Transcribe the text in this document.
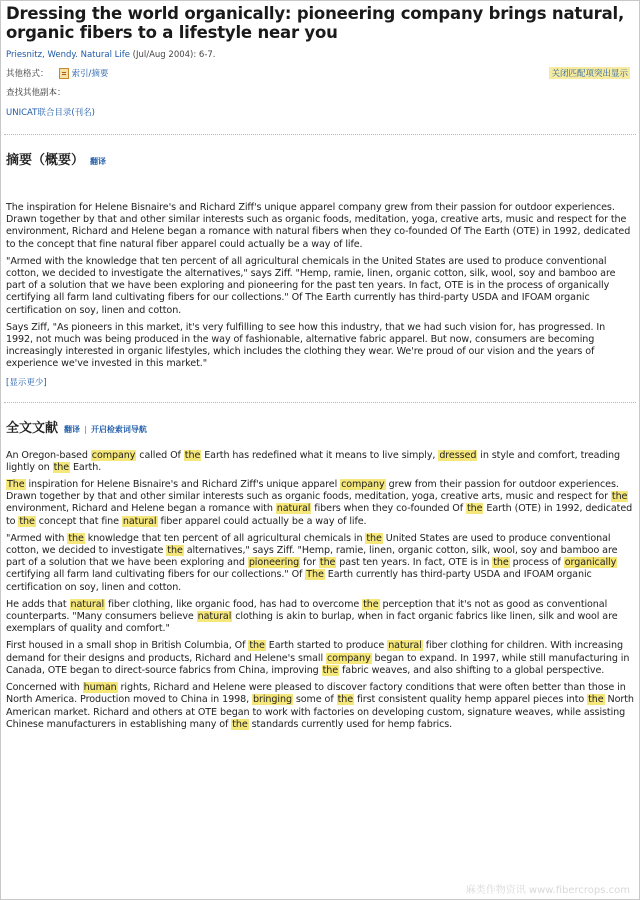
Dressing the world organically: pioneering company brings natural, organic fibers to a lifestyle near you
Priesnitz, Wendy. Natural Life (Jul/Aug 2004): 6-7.
其他格式：	索引/摘要	关闭匹配项突出显示
查找其他副本：
UNICAT联合目录(刊名)
摘要（概要） 翻译

The inspiration for Helene Bisnaire's and Richard Ziff's unique apparel company grew from their passion for outdoor experiences. Drawn together by that and other similar interests such as organic foods, meditation, yoga, creative arts, music and respect for the environment, Richard and Helene began a romance with natural fibers when they co-founded Of The Earth (OTE) in 1992, dedicated to the concept that fine natural fiber apparel could actually be a way of life.

"Armed with the knowledge that ten percent of all agricultural chemicals in the United States are used to produce conventional cotton, we decided to investigate the alternatives," says Ziff. "Hemp, ramie, linen, organic cotton, silk, wool, soy and bamboo are part of a solution that we have been exploring and pioneering for the past ten years. In fact, OTE is in the process of organically certifying all farm land cultivating fibers for our collections." Of The Earth currently has third-party USDA and IFOAM organic certification on soy, linen and cotton.

Says Ziff, "As pioneers in this market, it's very fulfilling to see how this industry, that we had such vision for, has progressed. In 1992, not much was being produced in the way of fashionable, alternative fabric apparel. But now, consumers are becoming increasingly interested in organic lifestyles, which includes the clothing they wear. We're proud of our vision and the years of experience we've invested in this market."

[显示更少]
全文文献 翻译 | 开启检索词导航

An Oregon-based company called Of the Earth has redefined what it means to live simply, dressed in style and comfort, treading lightly on the Earth.

The inspiration for Helene Bisnaire's and Richard Ziff's unique apparel company grew from their passion for outdoor experiences. Drawn together by that and other similar interests such as organic foods, meditation, yoga, creative arts, music and respect for the environment, Richard and Helene began a romance with natural fibers when they co-founded Of the Earth (OTE) in 1992, dedicated to the concept that fine natural fiber apparel could actually be a way of life.

"Armed with the knowledge that ten percent of all agricultural chemicals in the United States are used to produce conventional cotton, we decided to investigate the alternatives," says Ziff. "Hemp, ramie, linen, organic cotton, silk, wool, soy and bamboo are part of a solution that we have been exploring and pioneering for the past ten years. In fact, OTE is in the process of organically certifying all farm land cultivating fibers for our collections." Of The Earth currently has third-party USDA and IFOAM organic certification on soy, linen and cotton.

He adds that natural fiber clothing, like organic food, has had to overcome the perception that it's not as good as conventional counterparts. "Many consumers believe natural clothing is akin to burlap, when in fact organic fabrics like linen, silk and wool are exemplars of quality and comfort."

First housed in a small shop in British Columbia, Of the Earth started to produce natural fiber clothing for children. With increasing demand for their designs and products, Richard and Helene's small company began to expand. In 1997, while still manufacturing in Canada, OTE began to direct-source fabrics from China, improving the fabric weaves, and also shifting to a global perspective.

Concerned with human rights, Richard and Helene were pleased to discover factory conditions that were often better than those in North America. Production moved to China in 1998, bringing some of the first consistent quality hemp apparel pieces into the North American market. Richard and others at OTE began to work with factories on developing custom, signature weaves, while assisting Chinese manufacturers in establishing many of the standards currently used for hemp fabrics.

麻类作物资讯 www.fibercrops.com
